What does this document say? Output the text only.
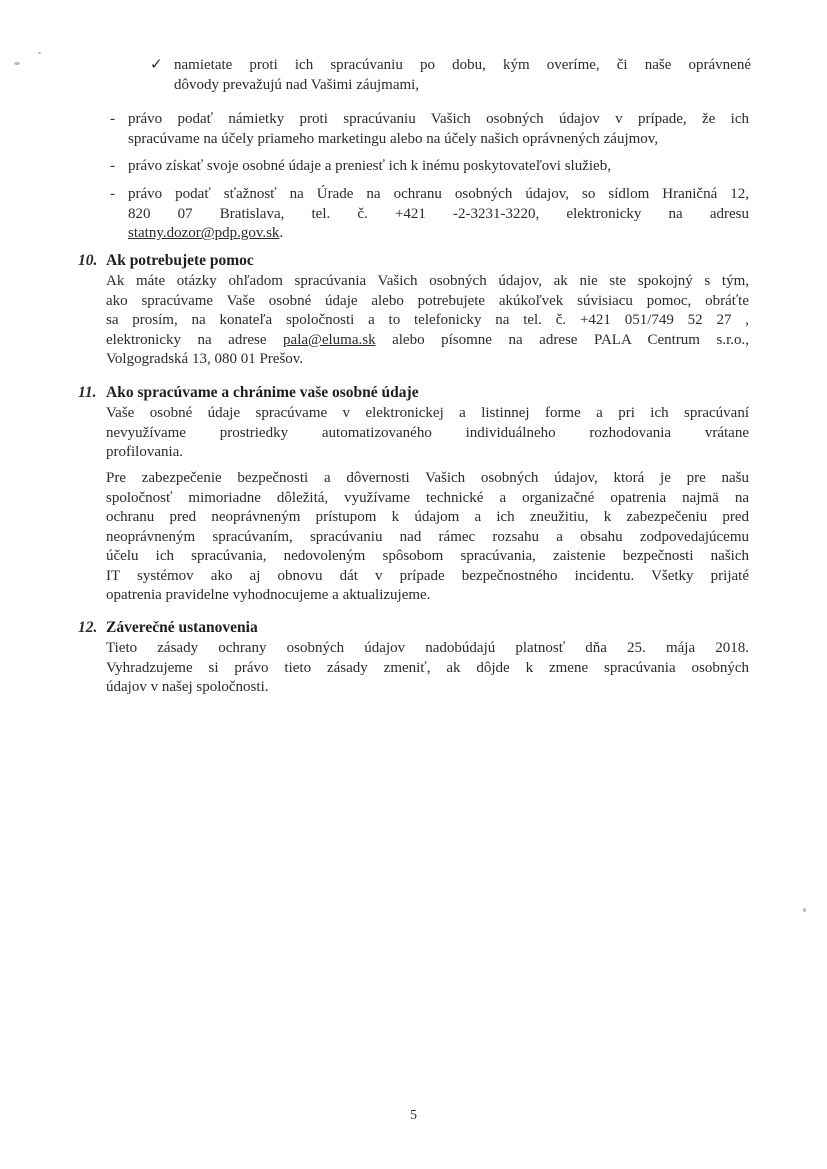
✓ namietate proti ich spracúvaniu po dobu, kým overíme, či naše oprávnené
dôvody prevažujú nad Vašimi záujmami,
- právo podať námietky proti spracúvaniu Vašich osobných údajov v prípade, že ich
spracúvame na účely priameho marketingu alebo na účely našich oprávnených záujmov,
- právo získať svoje osobné údaje a preniesť ich k inému poskytovateľovi služieb,
- právo podať sťažnosť na Úrade na ochranu osobných údajov, so sídlom Hraničná 12,
820 07 Bratislava, tel. č. +421 -2-3231-3220, elektronicky na adresu
statny.dozor@pdp.gov.sk.
10. Ak potrebujete pomoc
Ak máte otázky ohľadom spracúvania Vašich osobných údajov, ak nie ste spokojný s tým,
ako spracúvame Vaše osobné údaje alebo potrebujete akúkoľvek súvisiacu pomoc, obráťte
sa prosím, na konateľa spoločnosti a to telefonicky na tel. č. +421 051/749 52 27 ,
elektronicky na adrese pala@eluma.sk alebo písomne na adrese PALA Centrum s.r.o.,
Volgogradská 13, 080 01 Prešov.
11. Ako spracúvame a chránime vaše osobné údaje
Vaše osobné údaje spracúvame v elektronickej a listinnej forme a pri ich spracúvaní
nevyužívame prostriedky automatizovaného individuálneho rozhodovania vrátane
profilovania.
Pre zabezpečenie bezpečnosti a dôvernosti Vašich osobných údajov, ktorá je pre našu
spoločnosť mimoriadne dôležitá, využívame technické a organizačné opatrenia najmä na
ochranu pred neoprávneným prístupom k údajom a ich zneužitiu, k zabezpečeniu pred
neoprávneným spracúvaním, spracúvaniu nad rámec rozsahu a obsahu zodpovedajúcemu
účelu ich spracúvania, nedovoleným spôsobom spracúvania, zaistenie bezpečnosti našich
IT systémov ako aj obnovu dát v prípade bezpečnostného incidentu. Všetky prijaté
opatrenia pravidelne vyhodnocujeme a aktualizujeme.
12. Záverečné ustanovenia
Tieto zásady ochrany osobných údajov nadobúdajú platnosť dňa 25. mája 2018.
Vyhradzujeme si právo tieto zásady zmeniť, ak dôjde k zmene spracúvania osobných
údajov v našej spoločnosti.
5
